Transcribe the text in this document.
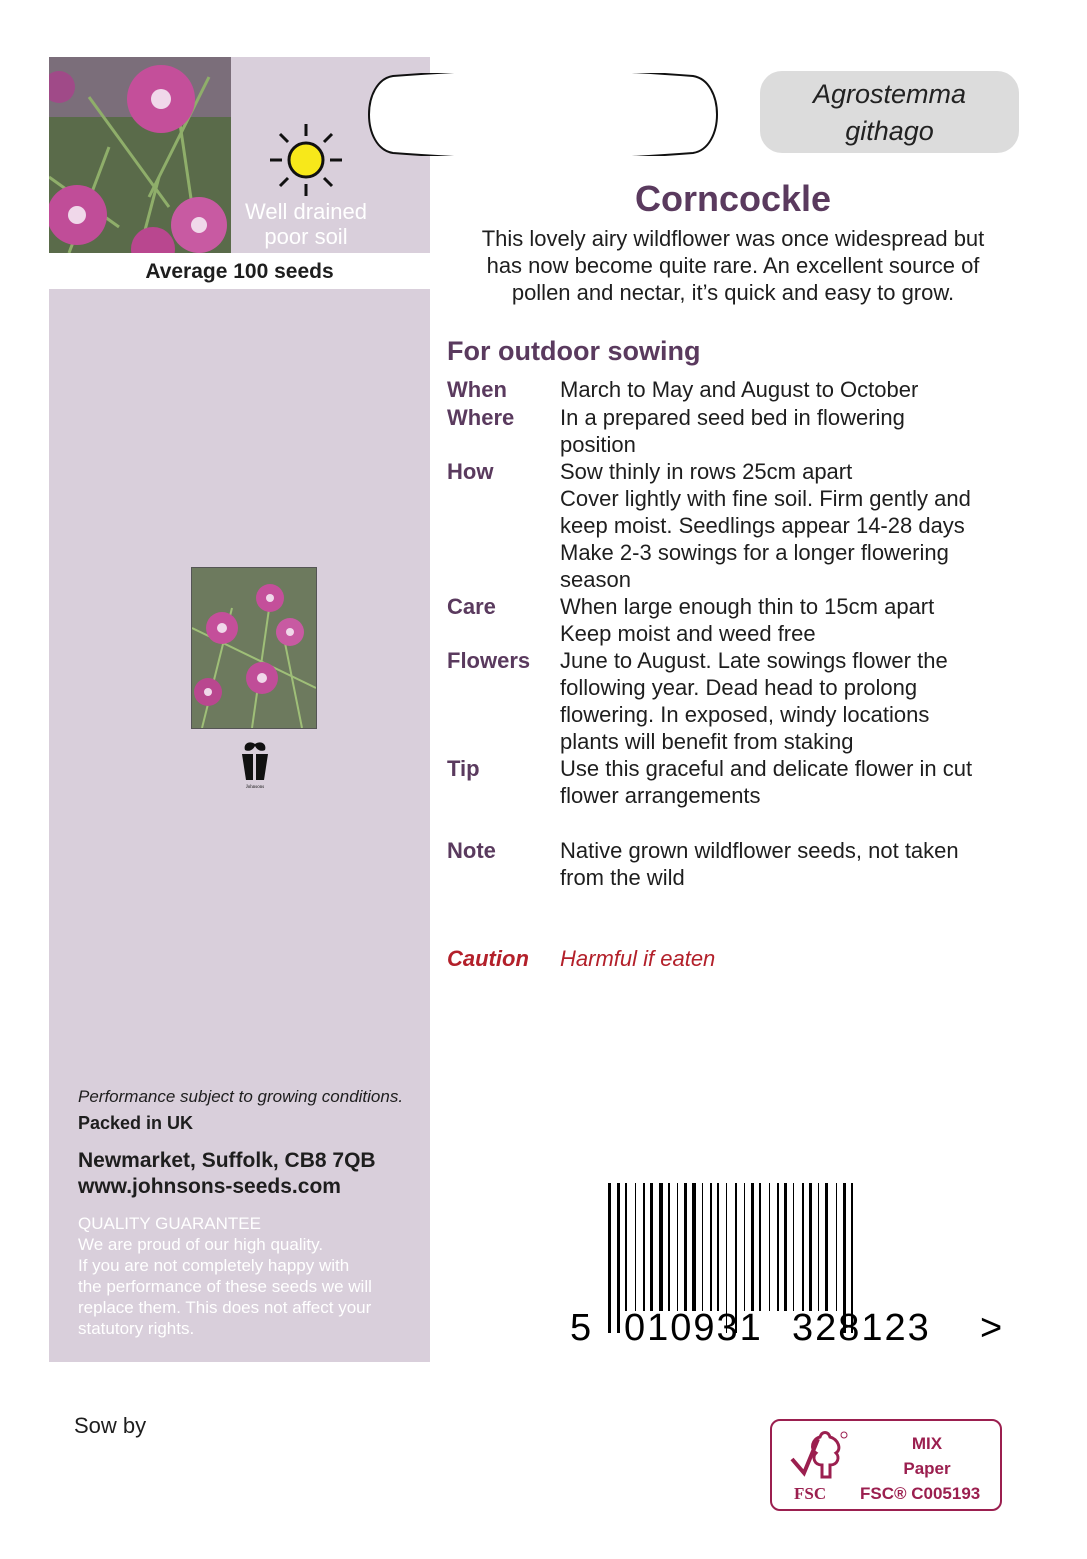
Well drained
poor soil
Average 100 seeds
Johnsons
Performance subject to growing conditions.
Packed in UK
Newmarket, Suffolk, CB8 7QB
www.johnsons-seeds.com
QUALITY GUARANTEE
We are proud of our high quality.
If you are not completely happy with
the performance of these seeds we will
replace them. This does not affect your
statutory rights.
Sow by
Agrostemma
githago
Corncockle
This lovely airy wildflower was once widespread but
has now become quite rare. An excellent source of
pollen and nectar, it’s quick and easy to grow.
For outdoor sowing
When March to May and August to October
Where In a prepared seed bed in flowering
position
How	Sow thinly in rows 25cm apart
Cover lightly with fine soil. Firm gently and
keep moist. Seedlings appear 14-28 days
Make 2-3 sowings for a longer flowering
season
Care	When large enough thin to 15cm apart
Keep moist and weed free
Flowers June to August. Late sowings flower the
following year. Dead head to prolong
flowering. In exposed, windy locations
plants will benefit from staking
Tip	Use this graceful and delicate flower in cut
flower arrangements
Note	Native grown wildflower seeds, not taken
from the wild
Caution Harmful if eaten
5 010931 328123 >
FSC
MIX
Paper
FSC® C005193
